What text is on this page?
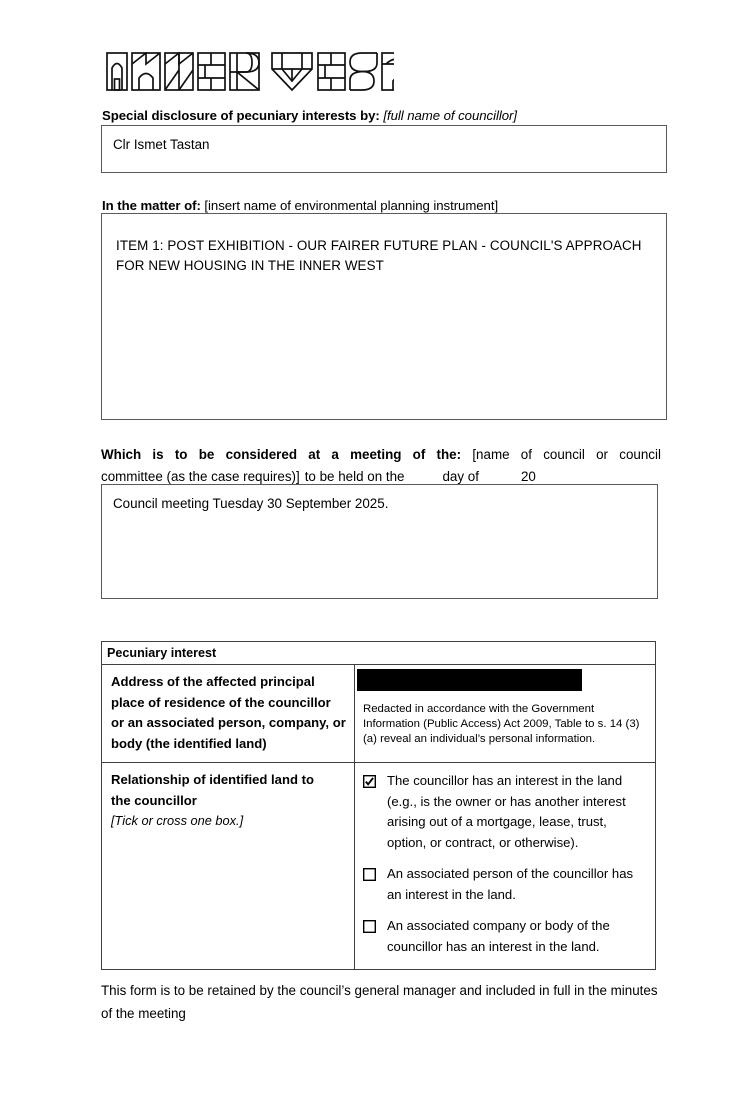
Special disclosure of pecuniary interests by: [full name of councillor]
Clr Ismet Tastan
In the matter of: [insert name of environmental planning instrument]
ITEM 1: POST EXHIBITION - OUR FAIRER FUTURE PLAN - COUNCIL'S APPROACH FOR NEW HOUSING IN THE INNER WEST
Which is to be considered at a meeting of the: [name of council or council
committee (as the case requires)] to be held on the	day of	20
Council meeting Tuesday 30 September 2025.
Pecuniary interest
Address of the affected principal place of residence of the councillor or an associated person, company, or body (the identified land)
Redacted in accordance with the Government Information (Public Access) Act 2009, Table to s. 14 (3) (a) reveal an individual’s personal information.
Relationship of identified land to
the councillor
[Tick or cross one box.]
The councillor has an interest in the land (e.g., is the owner or has another interest arising out of a mortgage, lease, trust, option, or contract, or otherwise).
An associated person of the councillor has an interest in the land.
An associated company or body of the councillor has an interest in the land.
This form is to be retained by the council’s general manager and included in full in the minutes of the meeting
